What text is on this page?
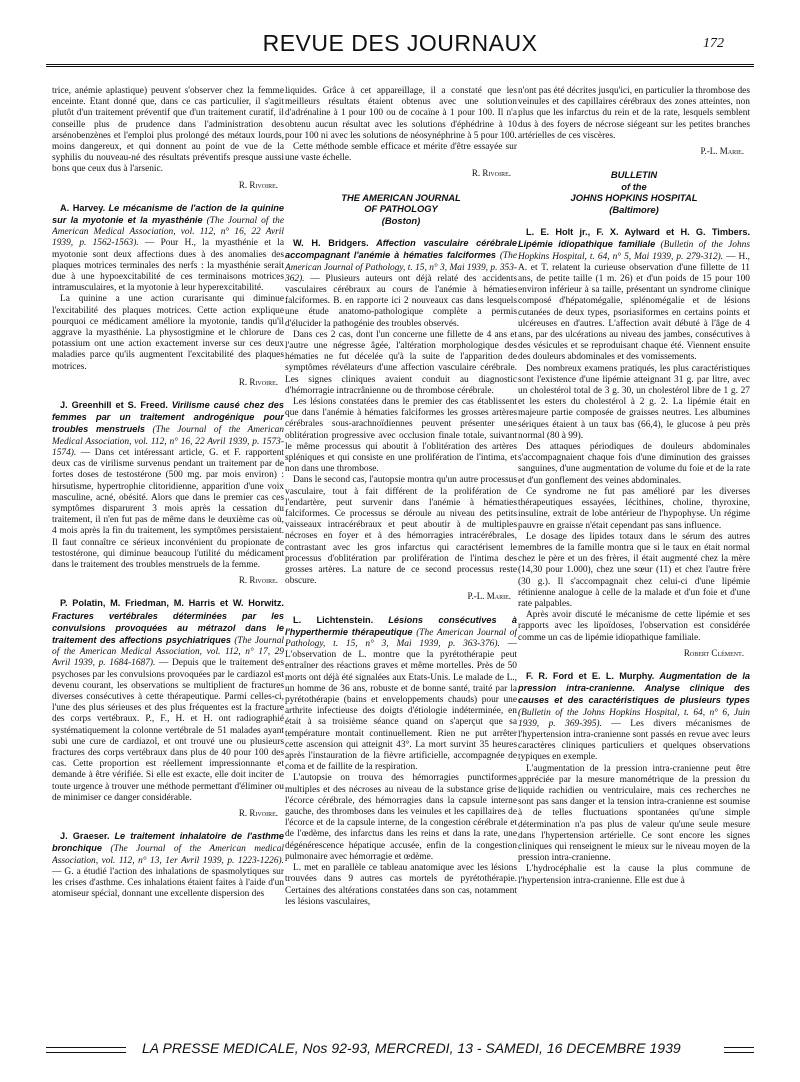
REVUE DES JOURNAUX	172

trice, anémie aplastique) peuvent s'observer chez la femme enceinte. Etant donné que, dans ce cas particulier, il s'agit plutôt d'un traitement préventif que d'un traitement curatif, il conseille plus de prudence dans l'administration des arsénobenzènes et l'emploi plus prolongé des métaux lourds, moins dangereux, et qui donnent au point de vue de la syphilis du nouveau-né des résultats préventifs presque aussi bons que ceux dus à l'arsenic.

R. Rivoire.

A. Harvey. Le mécanisme de l'action de la quinine sur la myotonie et la myasthénie (The Journal of the American Medical Association, vol. 112, n° 16, 22 Avril 1939, p. 1562-1563). — Pour H., la myasthénie et la myotonie sont deux affections dues à des anomalies des plaques motrices terminales des nerfs : la myasthénie serait due à une hypoexcitabilité de ces terminaisons motrices intramusculaires, et la myotonie à leur hyperexcitabilité.

La quinine a une action curarisante qui diminue l'excitabilité des plaques motrices. Cette action explique pourquoi ce médicament améliore la myotonie, tandis qu'il aggrave la myasthénie. La physostigmine et le chlorure de potassium ont une action exactement inverse sur ces deux maladies parce qu'ils augmentent l'excitabilité des plaques motrices.

R. Rivoire.

J. Greenhill et S. Freed. Virilisme causé chez des femmes par un traitement androgénique pour troubles menstruels (The Journal of the American Medical Association, vol. 112, n° 16, 22 Avril 1939, p. 1573-1574). — Dans cet intéressant article, G. et F. rapportent deux cas de virilisme survenus pendant un traitement par de fortes doses de testostérone (500 mg. par mois environ) : hirsutisme, hypertrophie clitoridienne, apparition d'une voix masculine, acné, obésité. Alors que dans le premier cas ces symptômes disparurent 3 mois après la cessation du traitement, il n'en fut pas de même dans le deuxième cas où, 4 mois après la fin du traitement, les symptômes persistaient. Il faut connaître ce sérieux inconvénient du propionate de testostérone, qui diminue beaucoup l'utilité du médicament dans le traitement des troubles menstruels de la femme.

R. Rivoire.

P. Polatin, M. Friedman, M. Harris et W. Horwitz. Fractures vertébrales déterminées par les convulsions provoquées au métrazol dans le traitement des affections psychiatriques (The Journal of the American Medical Association, vol. 112, n° 17, 29 Avril 1939, p. 1684-1687). — Depuis que le traitement des psychoses par les convulsions provoquées par le cardiazol est devenu courant, les observations se multiplient de fractures diverses consécutives à cette thérapeutique. Parmi celles-ci, l'une des plus sérieuses et des plus fréquentes est la fracture des corps vertébraux. P., F., H. et H. ont radiographié systématiquement la colonne vertébrale de 51 malades ayant subi une cure de cardiazol, et ont trouvé une ou plusieurs fractures des corps vertébraux dans plus de 40 pour 100 des cas. Cette proportion est réellement impressionnante et demande à être vérifiée. Si elle est exacte, elle doit inciter de toute urgence à trouver une méthode permettant d'éliminer ou de minimiser ce danger considérable.

R. Rivoire.

J. Graeser. Le traitement inhalatoire de l'asthme bronchique (The Journal of the American medical Association, vol. 112, n° 13, 1er Avril 1939, p. 1223-1226). — G. a étudié l'action des inhalations de spasmolytiques sur les crises d'asthme. Ces inhalations étaient faites à l'aide d'un atomiseur spécial, donnant une excellente dispersion des

liquides. Grâce à cet appareillage, il a constaté que les meilleurs résultats étaient obtenus avec une solution d'adrénaline à 1 pour 100 ou de cocaïne à 1 pour 100. Il n'a obtenu aucun résultat avec les solutions d'éphédrine à 10 pour 100 ni avec les solutions de néosynéphrine à 5 pour 100.

Cette méthode semble efficace et mérite d'être essayée sur une vaste échelle.

R. Rivoire.
THE AMERICAN JOURNAL
OF PATHOLOGY
(Boston)

W. H. Bridgers. Affection vasculaire cérébrale accompagnant l'anémie à hématies falciformes (The American Journal of Pathology, t. 15, n° 3, Mai 1939, p. 353-362). — Plusieurs auteurs ont déjà relaté des accidents vasculaires cérébraux au cours de l'anémie à hématies falciformes. B. en rapporte ici 2 nouveaux cas dans lesquels une étude anatomo-pathologique complète a permis d'élucider la pathogénie des troubles observés.

Dans ces 2 cas, dont l'un concerne une fillette de 4 ans et l'autre une négresse âgée, l'altération morphologique des hématies ne fut décelée qu'à la suite de l'apparition de symptômes révélateurs d'une affection vasculaire cérébrale. Les signes cliniques avaient conduit au diagnostic d'hémorragie intracrânienne ou de thrombose cérébrale.

Les lésions constatées dans le premier des cas établissent que dans l'anémie à hématies falciformes les grosses artères cérébrales sous-arachnoïdiennes peuvent présenter une oblitération progressive avec occlusion finale totale, suivant le même processus qui aboutit à l'oblitération des artères spléniques et qui consiste en une prolifération de l'intima, et non dans une thrombose.

Dans le second cas, l'autopsie montra qu'un autre processus vasculaire, tout à fait différent de la prolifération de l'endartère, peut survenir dans l'anémie à hématies falciformes. Ce processus se déroule au niveau des petits vaisseaux intracérébraux et peut aboutir à de multiples nécroses en foyer et à des hémorragies intracérébrales, contrastant avec les gros infarctus qui caractérisent le processus d'oblitération par prolifération de l'intima des grosses artères. La nature de ce second processus reste obscure.

P.-L. Marie.

L. Lichtenstein. Lésions consécutives à l'hyperthermie thérapeutique (The American Journal of Pathology, t. 15, n° 3, Mai 1939, p. 363-376). — L'observation de L. montre que la pyrétothérapie peut entraîner des réactions graves et même mortelles. Près de 50 morts ont déjà été signalées aux Etats-Unis. Le malade de L., un homme de 36 ans, robuste et de bonne santé, traité par la pyrétothérapie (bains et enveloppements chauds) pour une arthrite infectieuse des doigts d'étiologie indéterminée, en était à sa troisième séance quand on s'aperçut que sa température montait continuellement. Rien ne put arrêter cette ascension qui atteignit 43°. La mort survint 35 heures après l'instauration de la fièvre artificielle, accompagnée de coma et de faillite de la respiration.

L'autopsie on trouva des hémorragies punctiformes multiples et des nécroses au niveau de la substance grise de l'écorce cérébrale, des hémorragies dans la capsule interne gauche, des thromboses dans les veinules et les capillaires de l'écorce et de la capsule interne, de la congestion cérébrale et de l'œdème, des infarctus dans les reins et dans la rate, une dégénérescence hépatique accusée, enfin de la congestion pulmonaire avec hémorragie et œdème.

L. met en parallèle ce tableau anatomique avec les lésions trouvées dans 9 autres cas mortels de pyrétothérapie. Certaines des altérations constatées dans son cas, notamment les lésions vasculaires,

n'ont pas été décrites jusqu'ici, en particulier la thrombose des veinules et des capillaires cérébraux des zones atteintes, non plus que les infarctus du rein et de la rate, lesquels semblent dus à des foyers de nécrose siégeant sur les petites branches artérielles de ces viscères.

P.-L. Marie.
BULLETIN
of the
JOHNS HOPKINS HOSPITAL
(Baltimore)

L. E. Holt jr., F. X. Aylward et H. G. Timbers. Lipémie idiopathique familiale (Bulletin of the Johns Hopkins Hospital, t. 64, n° 5, Mai 1939, p. 279-312). — H., A. et T. relatent la curieuse observation d'une fillette de 11 ans, de petite taille (1 m. 26) et d'un poids de 15 pour 100 environ inférieur à sa taille, présentant un syndrome clinique composé d'hépatomégalie, splénomégalie et de lésions cutanées de deux types, psoriasiformes en certains points et ulcéreuses en d'autres. L'affection avait débuté à l'âge de 4 ans, par des ulcérations au niveau des jambes, consécutives à des vésicules et se reproduisant chaque été. Viennent ensuite des douleurs abdominales et des vomissements.

Des nombreux examens pratiqués, les plus caractéristiques sont l'existence d'une lipémie atteignant 31 g. par litre, avec un cholestérol total de 3 g. 30, un cholestérol libre de 1 g. 27 et les esters du cholestérol à 2 g. 2. La lipémie était en majeure partie composée de graisses neutres. Les albumines sériques étaient à un taux bas (66,4), le glucose à peu près normal (80 à 99).

Des attaques périodiques de douleurs abdominales s'accompagnaient chaque fois d'une diminution des graisses sanguines, d'une augmentation de volume du foie et de la rate et d'un gonflement des veines abdominales.

Ce syndrome ne fut pas amélioré par les diverses thérapeutiques essayées, lécithines, choline, thyroxine, insuline, extrait de lobe antérieur de l'hypophyse. Un régime pauvre en graisse n'était cependant pas sans influence.

Le dosage des lipides totaux dans le sérum des autres membres de la famille montra que si le taux en était normal chez le père et un des frères, il était augmenté chez la mère (14,30 pour 1.000), chez une sœur (11) et chez l'autre frère (30 g.). Il s'accompagnait chez celui-ci d'une lipémie rétinienne analogue à celle de la malade et d'un foie et d'une rate palpables.

Après avoir discuté le mécanisme de cette lipémie et ses rapports avec les lipoïdoses, l'observation est considérée comme un cas de lipémie idiopathique familiale.

Robert Clément.

F. R. Ford et E. L. Murphy. Augmentation de la pression intra-cranienne. Analyse clinique des causes et des caractéristiques de plusieurs types (Bulletin of the Johns Hopkins Hospital, t. 64, n° 6, Juin 1939, p. 369-395). — Les divers mécanismes de l'hypertension intra-cranienne sont passés en revue avec leurs caractères cliniques particuliers et quelques observations typiques en exemple.

L'augmentation de la pression intra-cranienne peut être appréciée par la mesure manométrique de la pression du liquide rachidien ou ventriculaire, mais ces recherches ne sont pas sans danger et la tension intra-cranienne est soumise à de telles fluctuations spontanées qu'une simple détermination n'a pas plus de valeur qu'une seule mesure dans l'hypertension artérielle. Ce sont encore les signes cliniques qui renseignent le mieux sur le niveau moyen de la pression intra-cranienne.

L'hydrocéphalie est la cause la plus commune de l'hypertension intra-cranienne. Elle est due à

LA PRESSE MEDICALE, Nos 92-93, MERCREDI, 13 - SAMEDI, 16 DECEMBRE 1939
